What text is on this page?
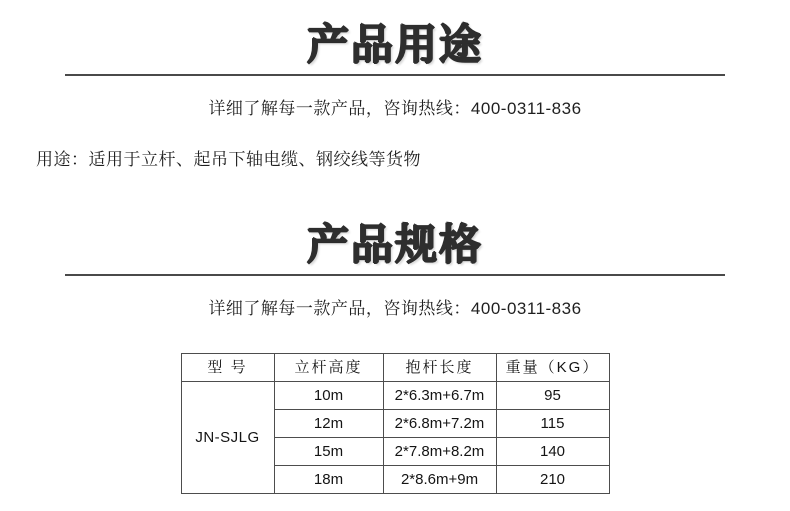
产品用途
详细了解每一款产品，咨询热线：400-0311-836
用途：适用于立杆、起吊下轴电缆、钢绞线等货物
产品规格
详细了解每一款产品，咨询热线：400-0311-836
型 号	立杆高度	抱杆长度	重量（KG）
JN-SJLG	10m	2*6.3m+6.7m	95
	12m	2*6.8m+7.2m	115
	15m	2*7.8m+8.2m	140
	18m	2*8.6m+9m	210
